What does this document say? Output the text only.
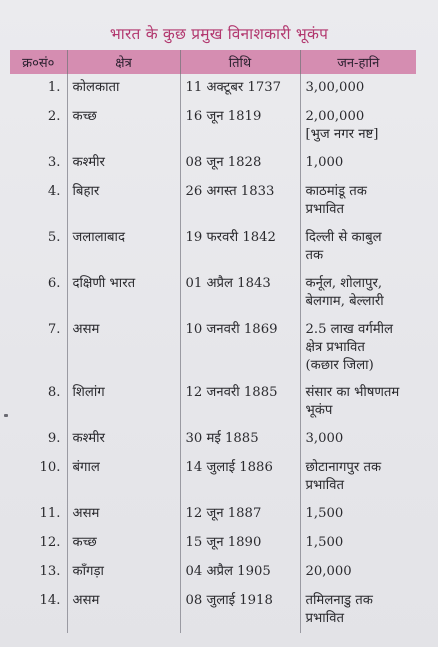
भारत के कुछ प्रमुख विनाशकारी भूकंप
क्र०सं०	क्षेत्र	तिथि	जन-हानि
1.	कोलकाता	11 अक्टूबर 1737	3,00,000

2.	कच्छ	16 जून 1819	2,00,000
[भुज नगर नष्ट]

3.	कश्मीर	08 जून 1828	1,000

4.	बिहार	26 अगस्त 1833	काठमांडू तक
प्रभावित

5.	जलालाबाद	19 फरवरी 1842	दिल्ली से काबुल
तक

6.	दक्षिणी भारत	01 अप्रैल 1843	कर्नूल, शोलापुर,
बेलगाम, बेल्लारी

7.	असम	10 जनवरी 1869	2.5 लाख वर्गमील
क्षेत्र प्रभावित
(कछार जिला)

8.	शिलांग	12 जनवरी 1885	संसार का भीषणतम
भूकंप

9.	कश्मीर	30 मई 1885	3,000

10.	बंगाल	14 जुलाई 1886	छोटानागपुर तक
प्रभावित

11.	असम	12 जून 1887	1,500

12.	कच्छ	15 जून 1890	1,500

13.	काँगड़ा	04 अप्रैल 1905	20,000

14.	असम	08 जुलाई 1918	तमिलनाडु तक
प्रभावित
